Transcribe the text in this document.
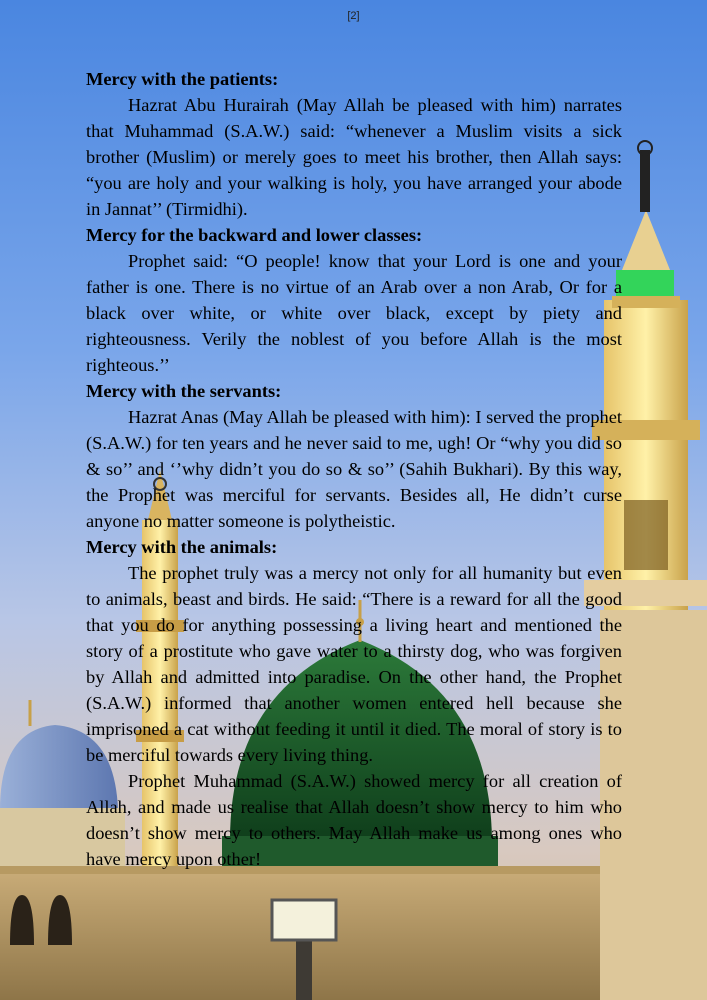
[2]
Mercy with the patients:

Hazrat Abu Hurairah (May Allah be pleased with him) narrates that Muhammad (S.A.W.) said: “whenever a Muslim visits a sick brother (Muslim) or merely goes to meet his brother, then Allah says: “you are holy and your walking is holy, you have arranged your abode in Jannat’’ (Tirmidhi).

Mercy for the backward and lower classes:

Prophet said: “O people! know that your Lord is one and your father is one. There is no virtue of an Arab over a non Arab, Or for a black over white, or white over black, except by piety and righteousness. Verily the noblest of you before Allah is the most righteous.’’

Mercy with the servants:

Hazrat Anas (May Allah be pleased with him): I served the prophet (S.A.W.) for ten years and he never said to me, ugh! Or “why you did so & so’’ and ‘’why didn’t you do so & so’’ (Sahih Bukhari). By this way, the Prophet was merciful for servants. Besides all, He didn’t curse anyone no matter someone is polytheistic.

Mercy with the animals:

The prophet truly was a mercy not only for all humanity but even to animals, beast and birds. He said: “There is a reward for all the good that you do for anything possessing a living heart and mentioned the story of a prostitute who gave water to a thirsty dog, who was forgiven by Allah and admitted into paradise. On the other hand, the Prophet (S.A.W.) informed that another women entered hell because she imprisoned a cat without feeding it until it died. The moral of story is to be merciful towards every living thing.

Prophet Muhammad (S.A.W.) showed mercy for all creation of Allah, and made us realise that Allah doesn’t show mercy to him who doesn’t show mercy to others. May Allah make us among ones who have mercy upon other!
